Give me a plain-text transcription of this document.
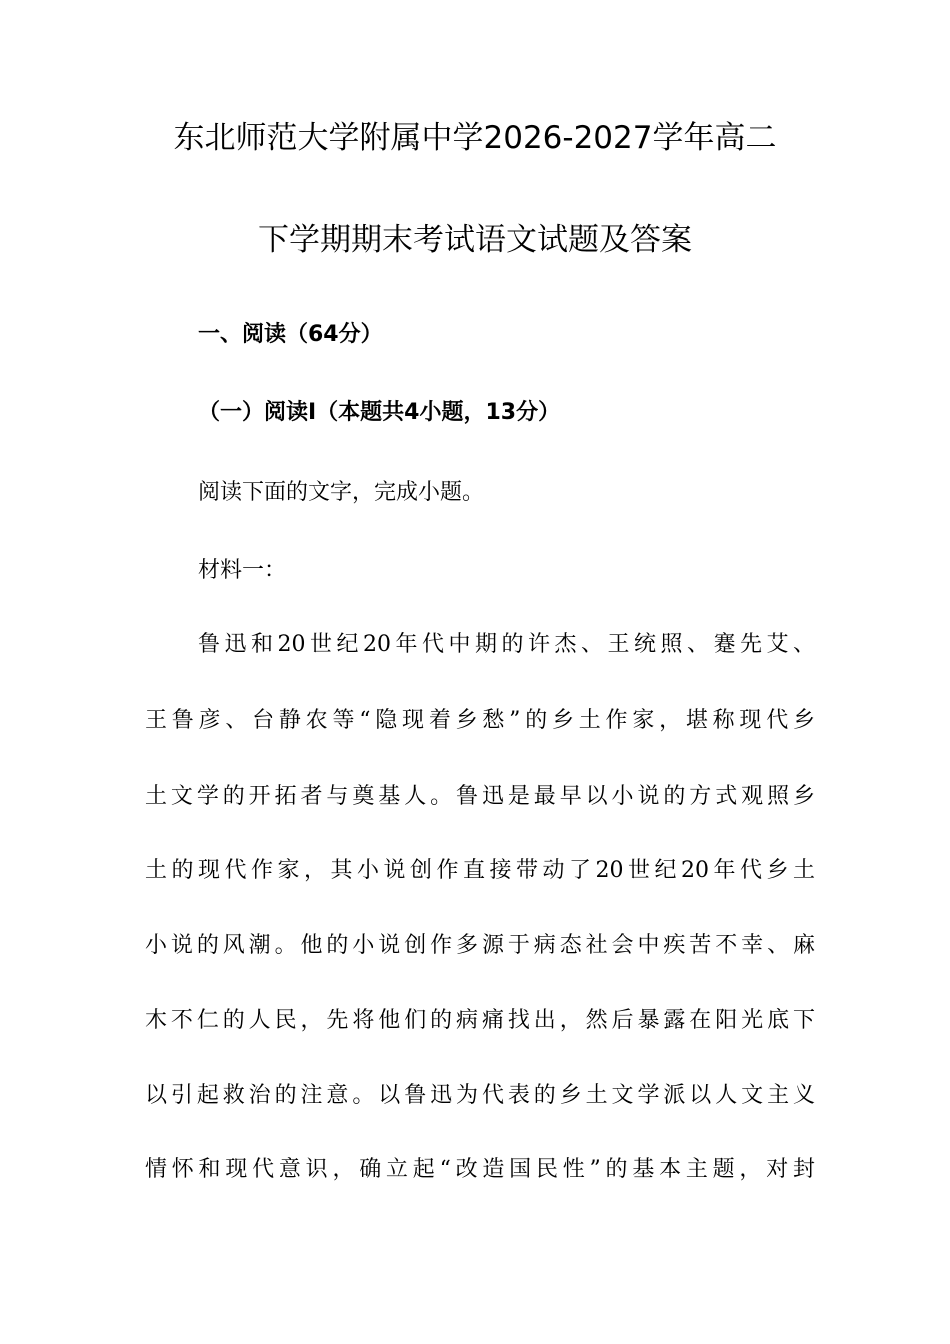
东北师范大学附属中学2026-2027学年高二
下学期期末考试语文试题及答案
一、阅读（64分）
（一）阅读Ⅰ（本题共4小题，13分）
阅读下面的文字，完成小题。
材料一：
鲁迅和20世纪20年代中期的许杰、王统照、蹇先艾、
王鲁彦、台静农等“隐现着乡愁”的乡土作家，堪称现代乡
土文学的开拓者与奠基人。鲁迅是最早以小说的方式观照乡
土的现代作家，其小说创作直接带动了20世纪20年代乡土
小说的风潮。他的小说创作多源于病态社会中疾苦不幸、麻
木不仁的人民，先将他们的病痛找出，然后暴露在阳光底下
以引起救治的注意。以鲁迅为代表的乡土文学派以人文主义
情怀和现代意识，确立起“改造国民性”的基本主题，对封
